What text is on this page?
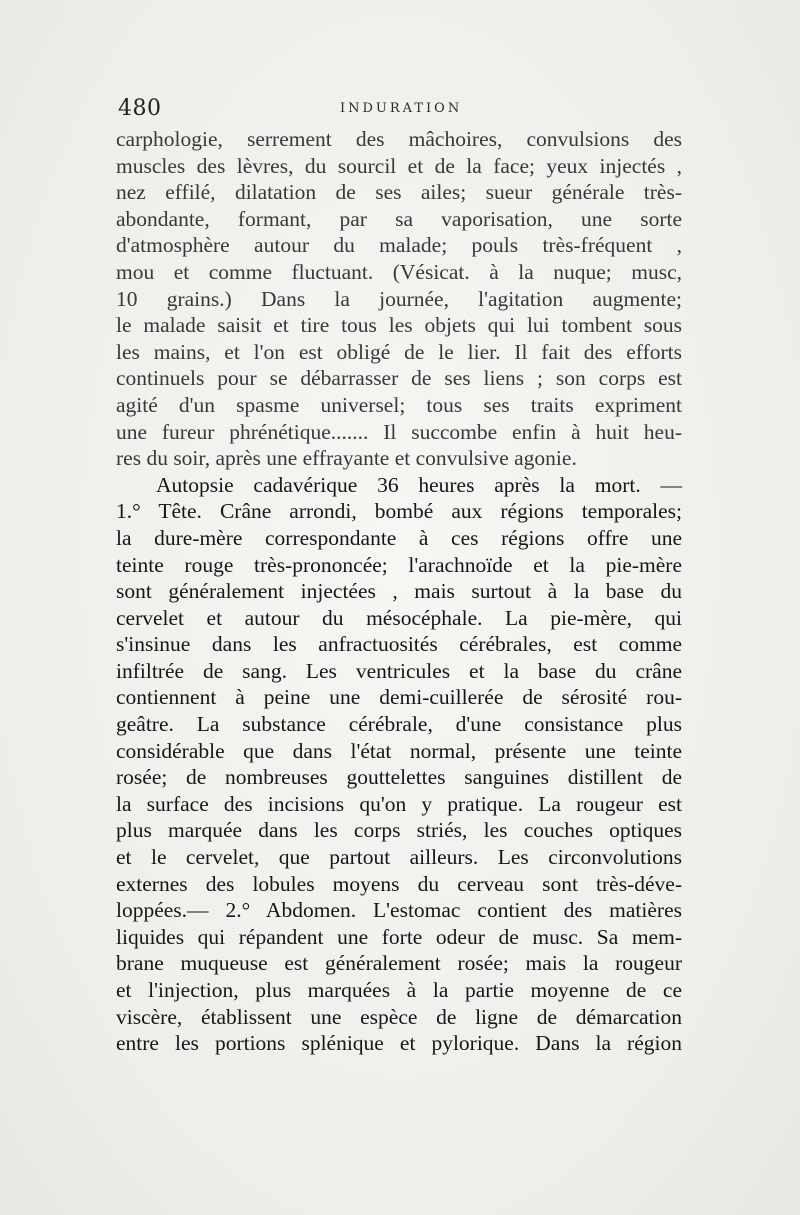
480	INDURATION
carphologie, serrement des mâchoires, convulsions des
muscles des lèvres, du sourcil et de la face; yeux injectés ,
nez effilé, dilatation de ses ailes; sueur générale très-
abondante, formant, par sa vaporisation, une sorte
d'atmosphère autour du malade; pouls très-fréquent ,
mou et comme fluctuant. (Vésicat. à la nuque; musc,
10 grains.) Dans la journée, l'agitation augmente;
le malade saisit et tire tous les objets qui lui tombent sous
les mains, et l'on est obligé de le lier. Il fait des efforts
continuels pour se débarrasser de ses liens ; son corps est
agité d'un spasme universel; tous ses traits expriment
une fureur phrénétique....... Il succombe enfin à huit heu-
res du soir, après une effrayante et convulsive agonie.
Autopsie cadavérique 36 heures après la mort. —
1.° Tête. Crâne arrondi, bombé aux régions temporales;
la dure-mère correspondante à ces régions offre une
teinte rouge très-prononcée; l'arachnoïde et la pie-mère
sont généralement injectées , mais surtout à la base du
cervelet et autour du mésocéphale. La pie-mère, qui
s'insinue dans les anfractuosités cérébrales, est comme
infiltrée de sang. Les ventricules et la base du crâne
contiennent à peine une demi-cuillerée de sérosité rou-
geâtre. La substance cérébrale, d'une consistance plus
considérable que dans l'état normal, présente une teinte
rosée; de nombreuses gouttelettes sanguines distillent de
la surface des incisions qu'on y pratique. La rougeur est
plus marquée dans les corps striés, les couches optiques
et le cervelet, que partout ailleurs. Les circonvolutions
externes des lobules moyens du cerveau sont très-déve-
loppées.— 2.° Abdomen. L'estomac contient des matières
liquides qui répandent une forte odeur de musc. Sa mem-
brane muqueuse est généralement rosée; mais la rougeur
et l'injection, plus marquées à la partie moyenne de ce
viscère, établissent une espèce de ligne de démarcation
entre les portions splénique et pylorique. Dans la région
